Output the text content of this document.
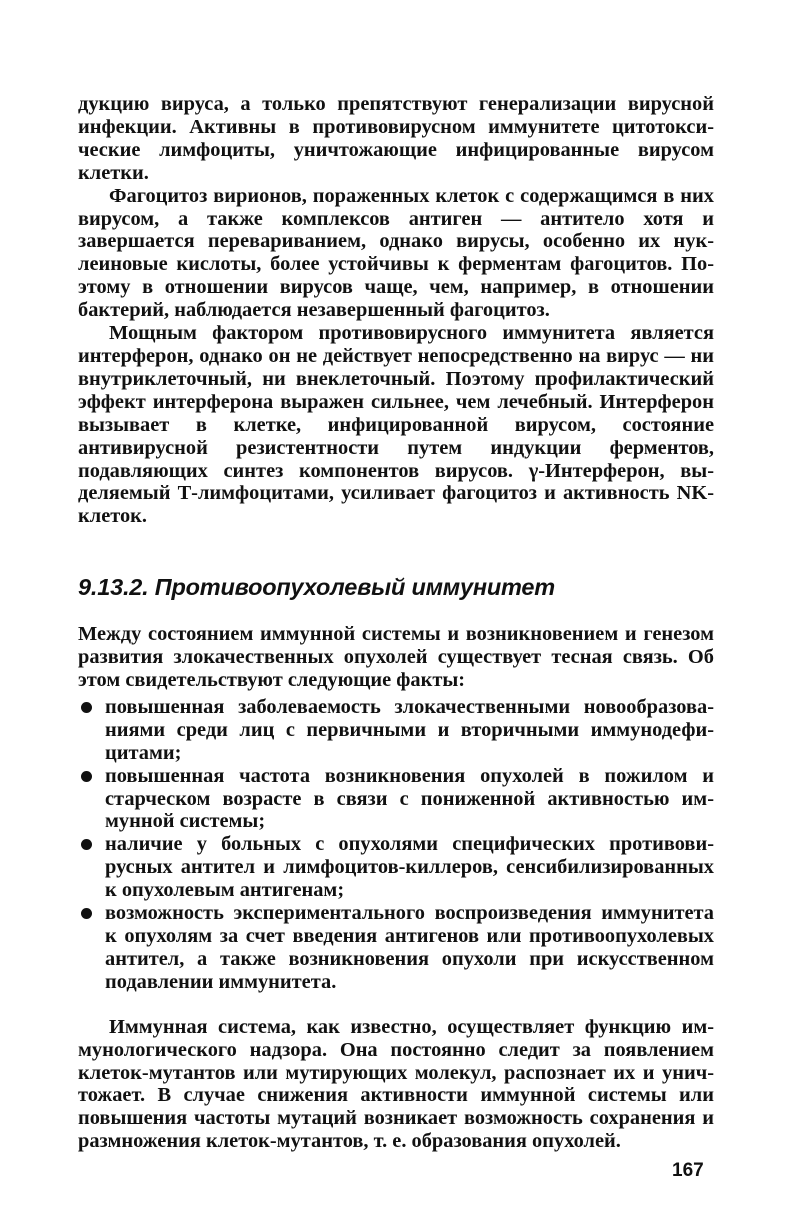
дукцию вируса, а только препятствуют генерализации вирусной инфекции. Активны в противовирусном иммунитете цитотоксические лимфоциты, уничтожающие инфицированные вирусом клетки.

Фагоцитоз вирионов, пораженных клеток с содержащимся в них вирусом, а также комплексов антиген — антитело хотя и завершается перевариванием, однако вирусы, особенно их нуклеиновые кислоты, более устойчивы к ферментам фагоцитов. Поэтому в отношении вирусов чаще, чем, например, в отношении бактерий, наблюдается незавершенный фагоцитоз.

Мощным фактором противовирусного иммунитета является интерферон, однако он не действует непосредственно на вирус — ни внутриклеточный, ни внеклеточный. Поэтому профилактический эффект интерферона выражен сильнее, чем лечебный. Интерферон вызывает в клетке, инфицированной вирусом, состояние антивирусной резистентности путем индукции ферментов, подавляющих синтез компонентов вирусов. γ-Интерферон, выделяемый Т-лимфоцитами, усиливает фагоцитоз и активность NK-клеток.

9.13.2. Противоопухолевый иммунитет

Между состоянием иммунной системы и возникновением и генезом развития злокачественных опухолей существует тесная связь. Об этом свидетельствуют следующие факты:

повышенная заболеваемость злокачественными новообразованиями среди лиц с первичными и вторичными иммунодефицитами;
повышенная частота возникновения опухолей в пожилом и старческом возрасте в связи с пониженной активностью иммунной системы;
наличие у больных с опухолями специфических противовирусных антител и лимфоцитов-киллеров, сенсибилизированных к опухолевым антигенам;
возможность экспериментального воспроизведения иммунитета к опухолям за счет введения антигенов или противоопухолевых антител, а также возникновения опухоли при искусственном подавлении иммунитета.

Иммунная система, как известно, осуществляет функцию иммунологического надзора. Она постоянно следит за появлением клеток-мутантов или мутирующих молекул, распознает их и уничтожает. В случае снижения активности иммунной системы или повышения частоты мутаций возникает возможность сохранения и размножения клеток-мутантов, т. е. образования опухолей.

167
